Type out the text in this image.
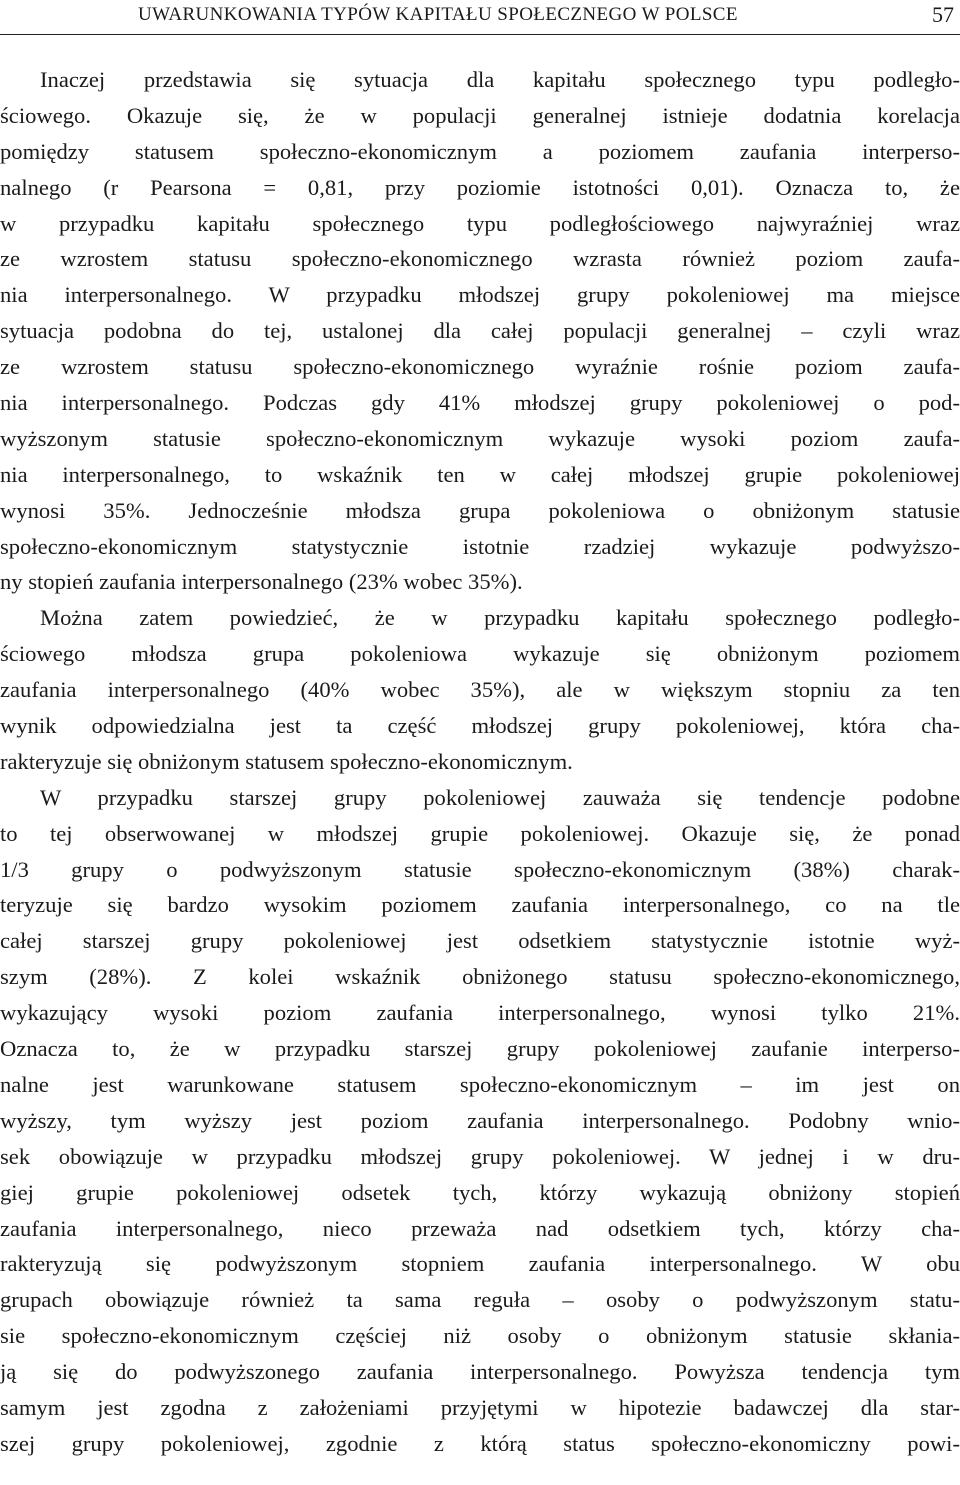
UWARUNKOWANIA TYPÓW KAPITAŁU SPOŁECZNEGO W POLSCE	57
Inaczej przedstawia się sytuacja dla kapitału społecznego typu podległo-
ściowego. Okazuje się, że w populacji generalnej istnieje dodatnia korelacja
pomiędzy statusem społeczno-ekonomicznym a poziomem zaufania interperso-
nalnego (r Pearsona = 0,81, przy poziomie istotności 0,01). Oznacza to, że
w przypadku kapitału społecznego typu podległościowego najwyraźniej wraz
ze wzrostem statusu społeczno-ekonomicznego wzrasta również poziom zaufa-
nia interpersonalnego. W przypadku młodszej grupy pokoleniowej ma miejsce
sytuacja podobna do tej, ustalonej dla całej populacji generalnej – czyli wraz
ze wzrostem statusu społeczno-ekonomicznego wyraźnie rośnie poziom zaufa-
nia interpersonalnego. Podczas gdy 41% młodszej grupy pokoleniowej o pod-
wyższonym statusie społeczno-ekonomicznym wykazuje wysoki poziom zaufa-
nia interpersonalnego, to wskaźnik ten w całej młodszej grupie pokoleniowej
wynosi 35%. Jednocześnie młodsza grupa pokoleniowa o obniżonym statusie
społeczno-ekonomicznym statystycznie istotnie rzadziej wykazuje podwyższo-
ny stopień zaufania interpersonalnego (23% wobec 35%).
Można zatem powiedzieć, że w przypadku kapitału społecznego podległo-
ściowego młodsza grupa pokoleniowa wykazuje się obniżonym poziomem
zaufania interpersonalnego (40% wobec 35%), ale w większym stopniu za ten
wynik odpowiedzialna jest ta część młodszej grupy pokoleniowej, która cha-
rakteryzuje się obniżonym statusem społeczno-ekonomicznym.
W przypadku starszej grupy pokoleniowej zauważa się tendencje podobne
to tej obserwowanej w młodszej grupie pokoleniowej. Okazuje się, że ponad
1/3 grupy o podwyższonym statusie społeczno-ekonomicznym (38%) charak-
teryzuje się bardzo wysokim poziomem zaufania interpersonalnego, co na tle
całej starszej grupy pokoleniowej jest odsetkiem statystycznie istotnie wyż-
szym (28%). Z kolei wskaźnik obniżonego statusu społeczno-ekonomicznego,
wykazujący wysoki poziom zaufania interpersonalnego, wynosi tylko 21%.
Oznacza to, że w przypadku starszej grupy pokoleniowej zaufanie interperso-
nalne jest warunkowane statusem społeczno-ekonomicznym – im jest on
wyższy, tym wyższy jest poziom zaufania interpersonalnego. Podobny wnio-
sek obowiązuje w przypadku młodszej grupy pokoleniowej. W jednej i w dru-
giej grupie pokoleniowej odsetek tych, którzy wykazują obniżony stopień
zaufania interpersonalnego, nieco przeważa nad odsetkiem tych, którzy cha-
rakteryzują się podwyższonym stopniem zaufania interpersonalnego. W obu
grupach obowiązuje również ta sama reguła – osoby o podwyższonym statu-
sie społeczno-ekonomicznym częściej niż osoby o obniżonym statusie skłania-
ją się do podwyższonego zaufania interpersonalnego. Powyższa tendencja tym
samym jest zgodna z założeniami przyjętymi w hipotezie badawczej dla star-
szej grupy pokoleniowej, zgodnie z którą status społeczno-ekonomiczny powi-
